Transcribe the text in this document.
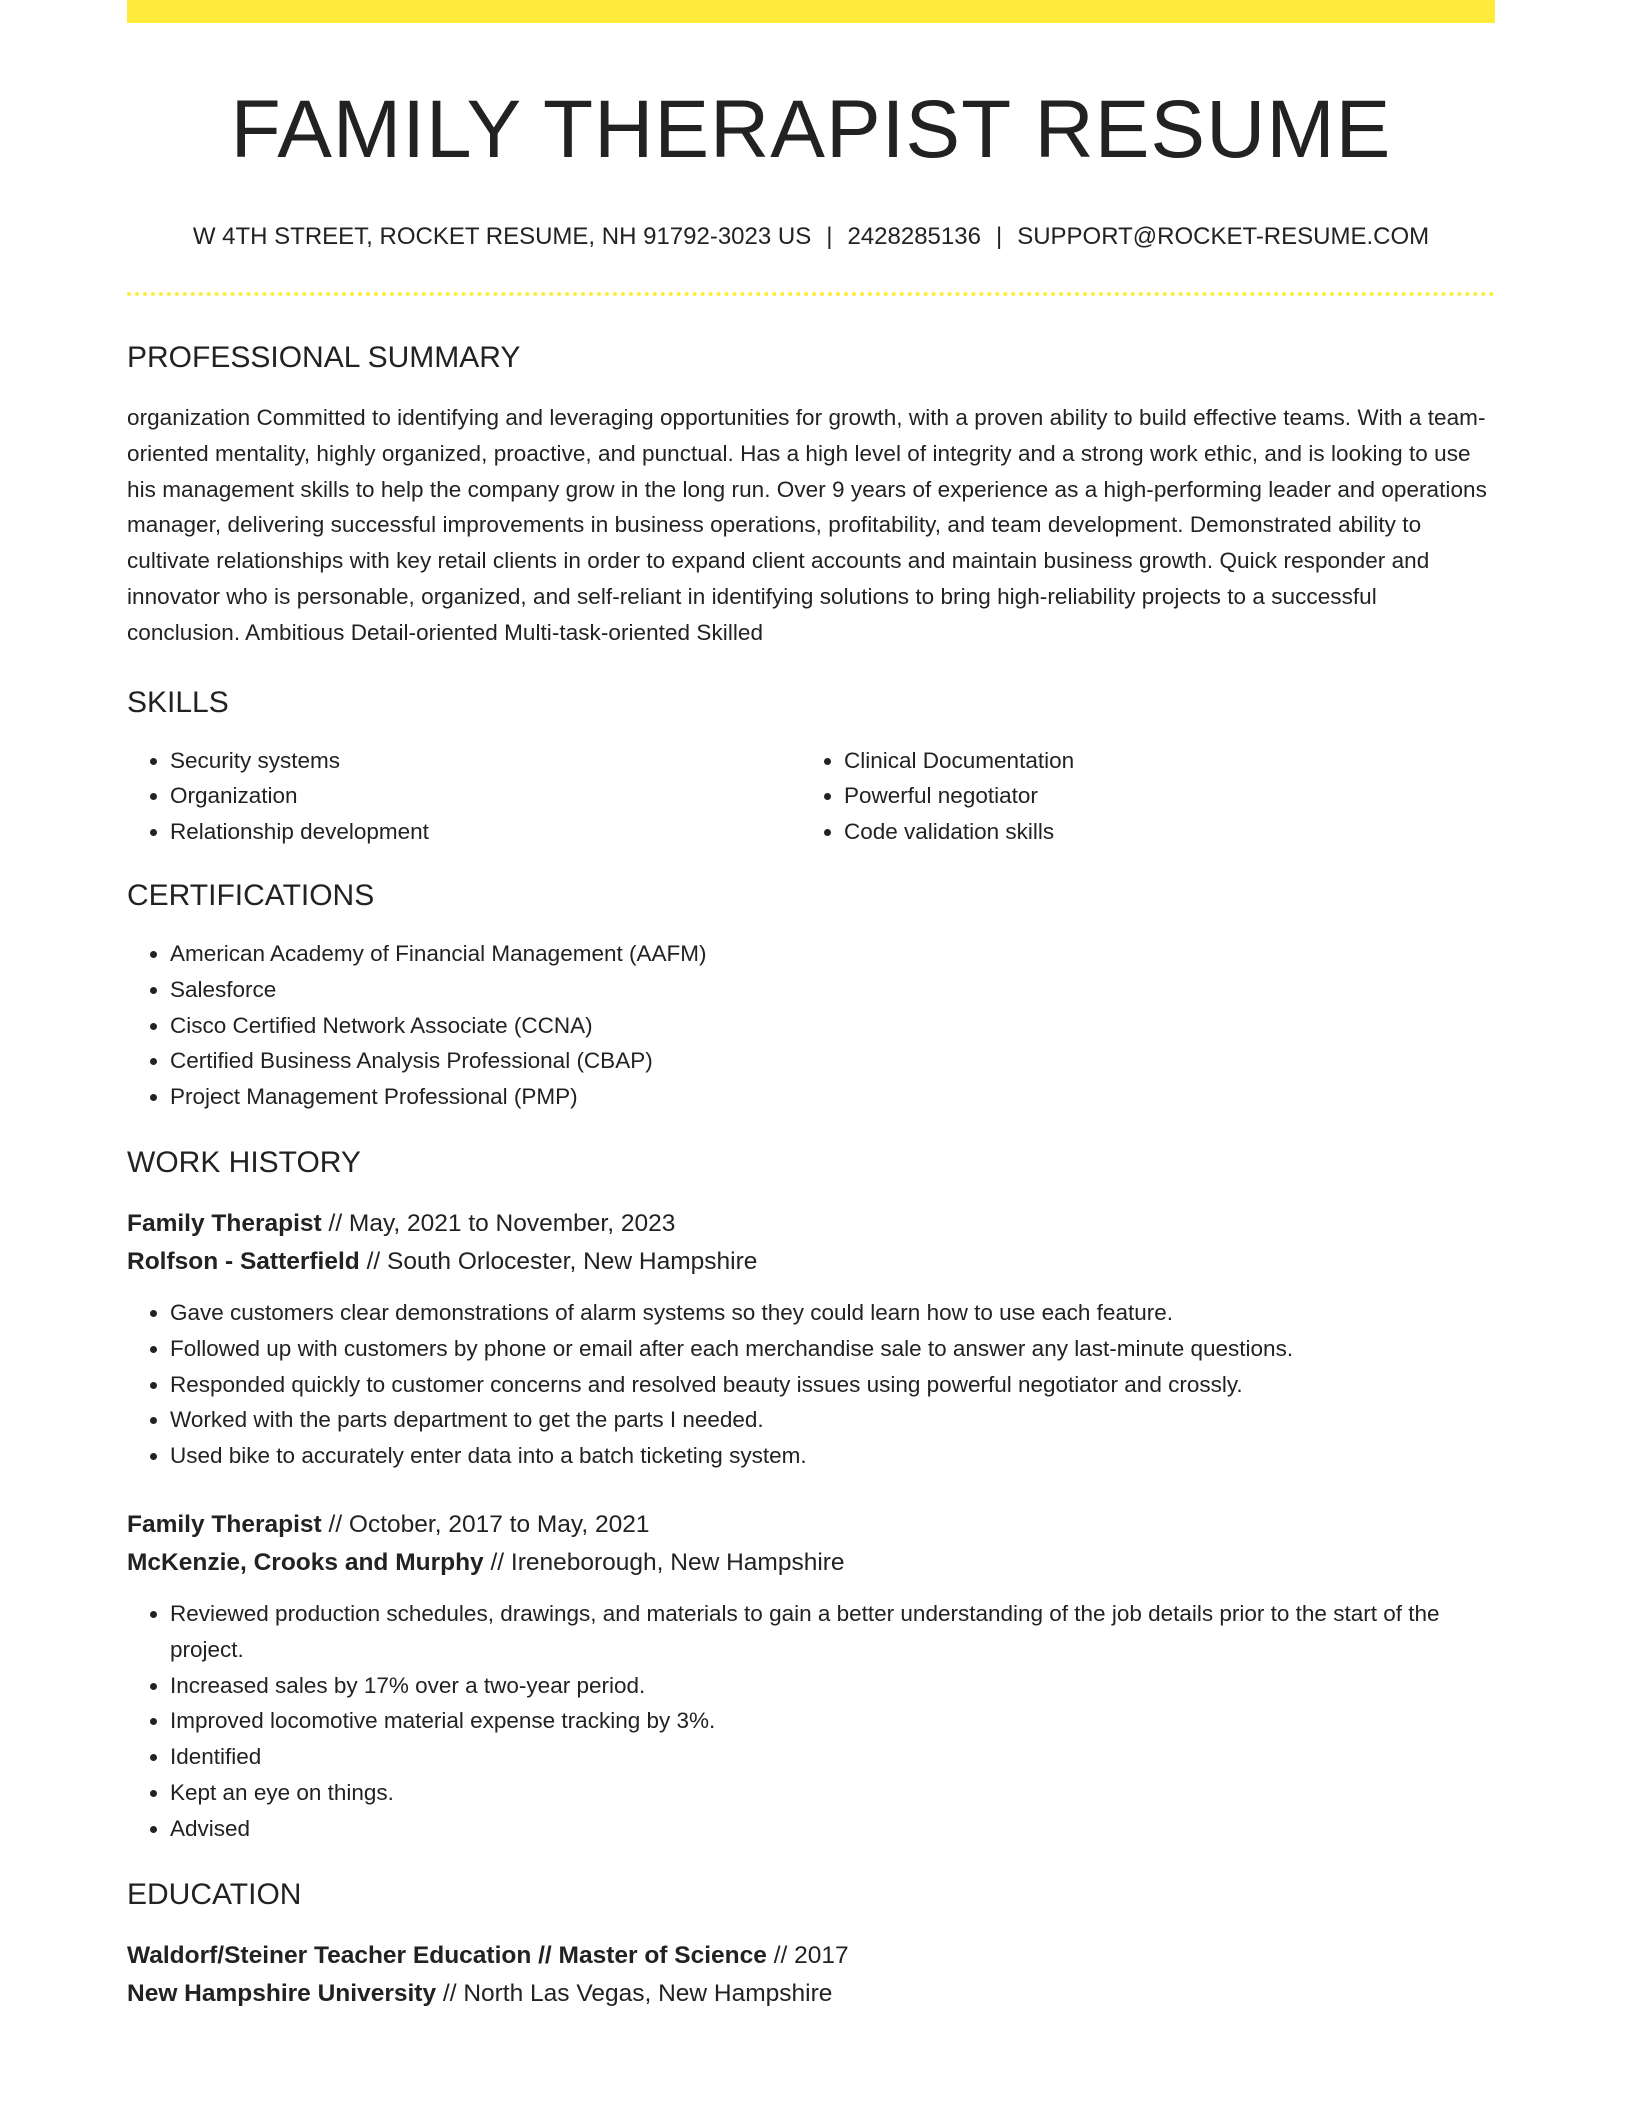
FAMILY THERAPIST RESUME
W 4TH STREET, ROCKET RESUME, NH 91792-3023 US | 2428285136 | SUPPORT@ROCKET-RESUME.COM
PROFESSIONAL SUMMARY

organization Committed to identifying and leveraging opportunities for growth, with a proven ability to build effective teams. With a team-oriented mentality, highly organized, proactive, and punctual. Has a high level of integrity and a strong work ethic, and is looking to use his management skills to help the company grow in the long run. Over 9 years of experience as a high-performing leader and operations manager, delivering successful improvements in business operations, profitability, and team development. Demonstrated ability to cultivate relationships with key retail clients in order to expand client accounts and maintain business growth. Quick responder and innovator who is personable, organized, and self-reliant in identifying solutions to bring high-reliability projects to a successful conclusion. Ambitious Detail-oriented Multi-task-oriented Skilled

SKILLS
• Security systems
• Organization
• Relationship development
• Clinical Documentation
• Powerful negotiator
• Code validation skills
CERTIFICATIONS
• American Academy of Financial Management (AAFM)
• Salesforce
• Cisco Certified Network Associate (CCNA)
• Certified Business Analysis Professional (CBAP)
• Project Management Professional (PMP)
WORK HISTORY
Family Therapist // May, 2021 to November, 2023
Rolfson - Satterfield // South Orlocester, New Hampshire
• Gave customers clear demonstrations of alarm systems so they could learn how to use each feature.
• Followed up with customers by phone or email after each merchandise sale to answer any last-minute questions.
• Responded quickly to customer concerns and resolved beauty issues using powerful negotiator and crossly.
• Worked with the parts department to get the parts I needed.
• Used bike to accurately enter data into a batch ticketing system.
Family Therapist // October, 2017 to May, 2021
McKenzie, Crooks and Murphy // Ireneborough, New Hampshire
• Reviewed production schedules, drawings, and materials to gain a better understanding of the job details prior to the start of the project.
• Increased sales by 17% over a two-year period.
• Improved locomotive material expense tracking by 3%.
• Identified
• Kept an eye on things.
• Advised
EDUCATION
Waldorf/Steiner Teacher Education // Master of Science // 2017
New Hampshire University // North Las Vegas, New Hampshire
